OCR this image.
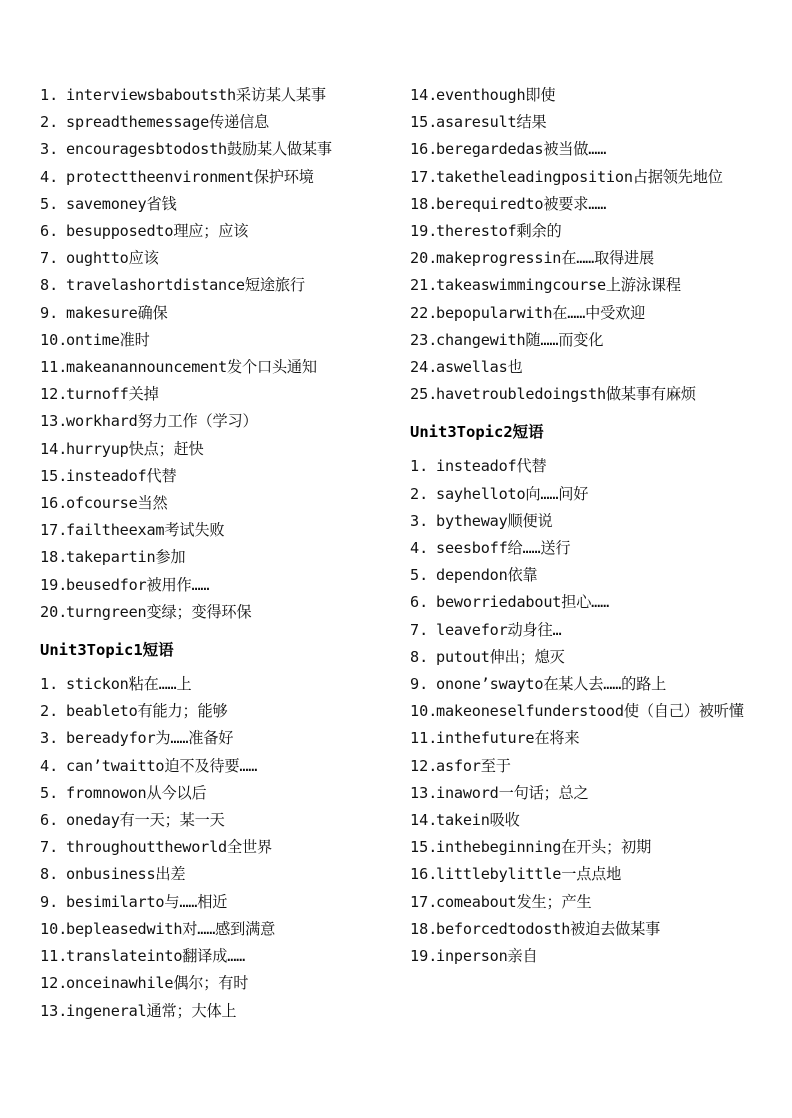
1. interviewsbaboutsth采访某人某事
2. spreadthemessage传递信息
3. encouragesbtodosth鼓励某人做某事
4. protecttheenvironment保护环境
5. savemoney省钱
6. besupposedto理应；应该
7. oughtto应该
8. travelashortdistance短途旅行
9. makesure确保
10.
ontime准时
11.
makeanannouncement发个口头通知
12.
turnoff关掉
13.
workhard努力工作（学习）
14.
hurryup快点；赶快
15.
insteadof代替
16.
ofcourse当然
17.
failtheexam考试失败
18.
takepartin参加
19.
beusedfor被用作……
20.
turngreen变绿；变得环保
Unit3Topic1短语
1. stickon粘在……上
2. beableto有能力；能够
3. bereadyfor为……准备好
4. can’twaitto迫不及待要……
5. fromnowon从今以后
6. oneday有一天；某一天
7. throughouttheworld全世界
8. onbusiness出差
9. besimilarto与……相近
10.
bepleasedwith对……感到满意
11.
translateinto翻译成……
12.
onceinawhile偶尔；有时
13.
ingeneral通常；大体上
14.
eventhough即使
15.
asaresult结果
16.
beregardedas被当做……
17.
taketheleadingposition占据领先地位
18.
berequiredto被要求……
19.
therestof剩余的
20.
makeprogressin在……取得进展
21.
takeaswimmingcourse上游泳课程
22.
bepopularwith在……中受欢迎
23.
changewith随……而变化
24.
aswellas也
25.
havetroubledoingsth做某事有麻烦
Unit3Topic2短语
1. insteadof代替
2. sayhelloto向……问好
3. bytheway顺便说
4. seesboff给……送行
5. dependon依靠
6. beworriedabout担心……
7. leavefor动身往…
8. putout伸出；熄灭
9. onone’swayto在某人去……的路上
10.
makeoneselfunderstood使（自己）被听懂
11.
inthefuture在将来
12.
asfor至于
13.
inaword一句话；总之
14.
takein吸收
15.
inthebeginning在开头；初期
16.
littlebylittle一点点地
17.
comeabout发生；产生
18.
beforcedtodosth被迫去做某事
19.
inperson亲自
